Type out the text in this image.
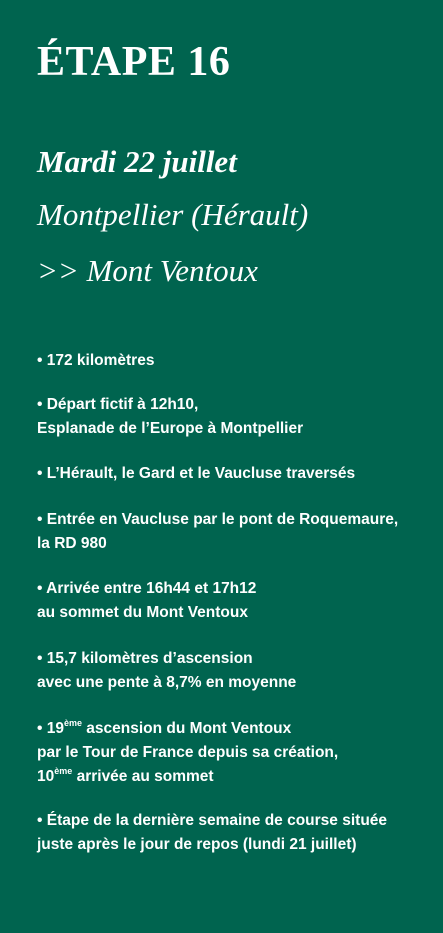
ÉTAPE 16
Mardi 22 juillet
Montpellier (Hérault)
>> Mont Ventoux
• 172 kilomètres
• Départ fictif à 12h10,
Esplanade de l’Europe à Montpellier
• L’Hérault, le Gard et le Vaucluse traversés
• Entrée en Vaucluse par le pont de Roquemaure,
la RD 980
• Arrivée entre 16h44 et 17h12
au sommet du Mont Ventoux
• 15,7 kilomètres d’ascension
avec une pente à 8,7% en moyenne
• 19ème ascension du Mont Ventoux
par le Tour de France depuis sa création,
10ème arrivée au sommet
• Étape de la dernière semaine de course située
juste après le jour de repos (lundi 21 juillet)
